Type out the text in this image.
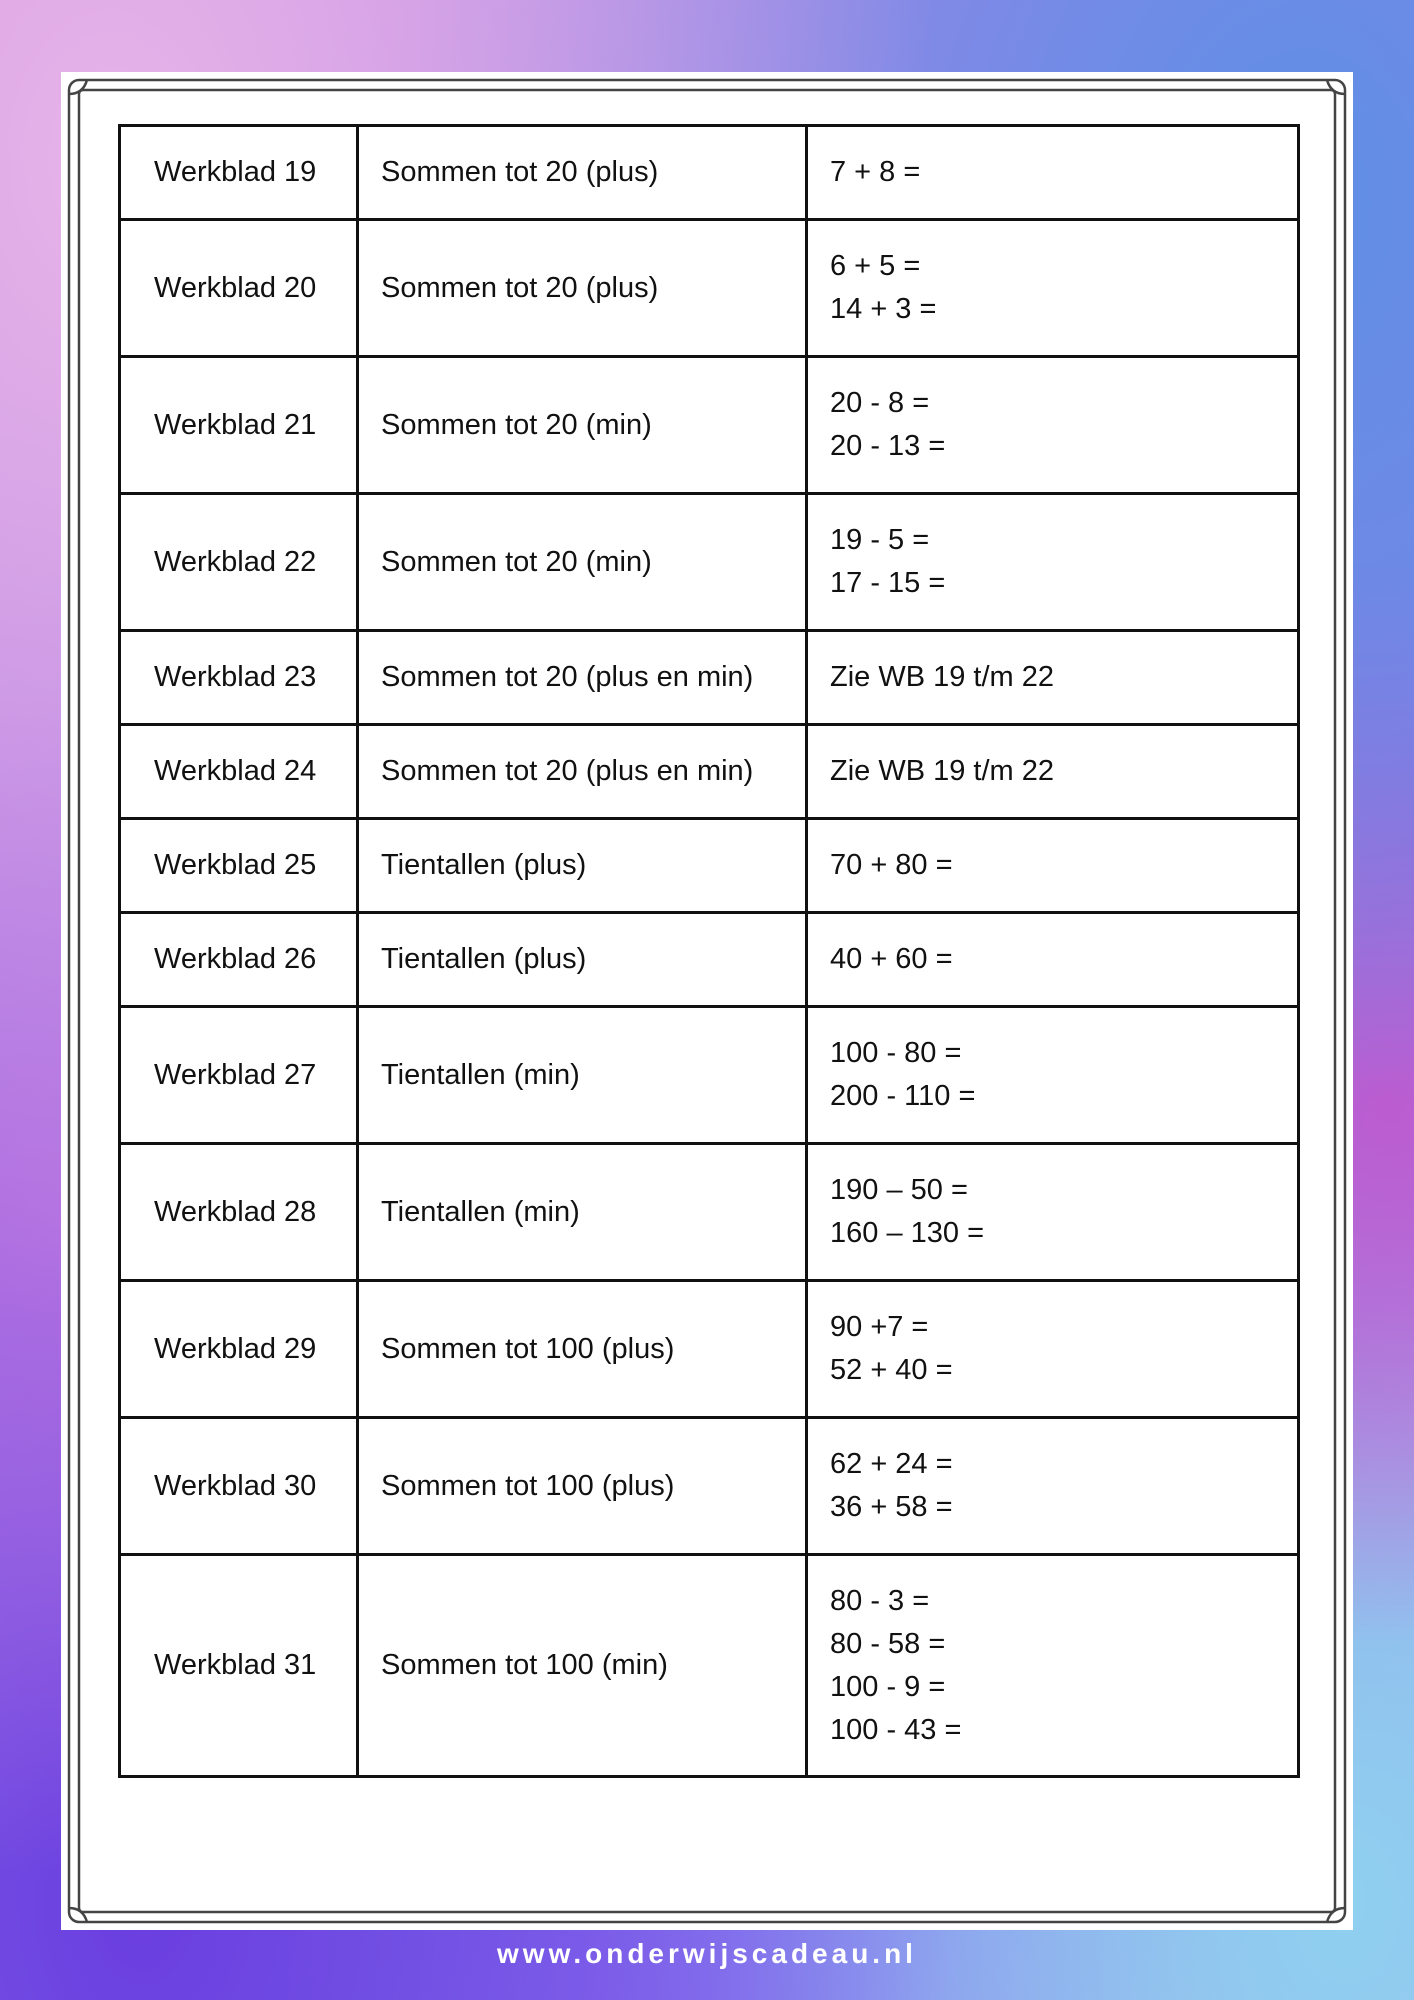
Werkblad 19	Sommen tot 20 (plus)	7 + 8 =

Werkblad 20	Sommen tot 20 (plus)	6 + 5 =
14 + 3 =

Werkblad 21	Sommen tot 20 (min)	20 - 8 =
20 - 13 =

Werkblad 22	Sommen tot 20 (min)	19 - 5 =
17 - 15 =

Werkblad 23	Sommen tot 20 (plus en min)	Zie WB 19 t/m 22

Werkblad 24	Sommen tot 20 (plus en min)	Zie WB 19 t/m 22

Werkblad 25	Tientallen (plus)	70 + 80 =

Werkblad 26	Tientallen (plus)	40 + 60 =

Werkblad 27	Tientallen (min)	100 - 80 =
200 - 110 =

Werkblad 28	Tientallen (min)	190 – 50 =
160 – 130 =

Werkblad 29	Sommen tot 100 (plus)	90 +7 =
52 + 40 =

Werkblad 30	Sommen tot 100 (plus)	62 + 24 =
36 + 58 =

Werkblad 31	Sommen tot 100 (min)	80 - 3 =
80 - 58 =
100 - 9 =
100 - 43 =
www.onderwijscadeau.nl
